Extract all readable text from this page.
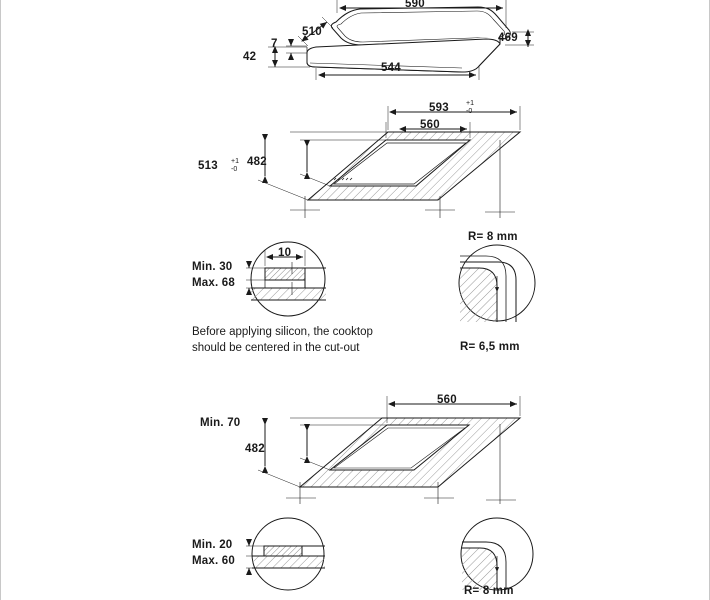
590
469
510
7
42
544
593 +1
-0
560
513 +1
-0
482
Min. 30
Max. 68
10
R= 8 mm
R= 6,5 mm
Before applying silicon, the cooktop
should be centered in the cut-out
560
Min. 70
482
Min. 20
Max. 60
R= 8 mm
